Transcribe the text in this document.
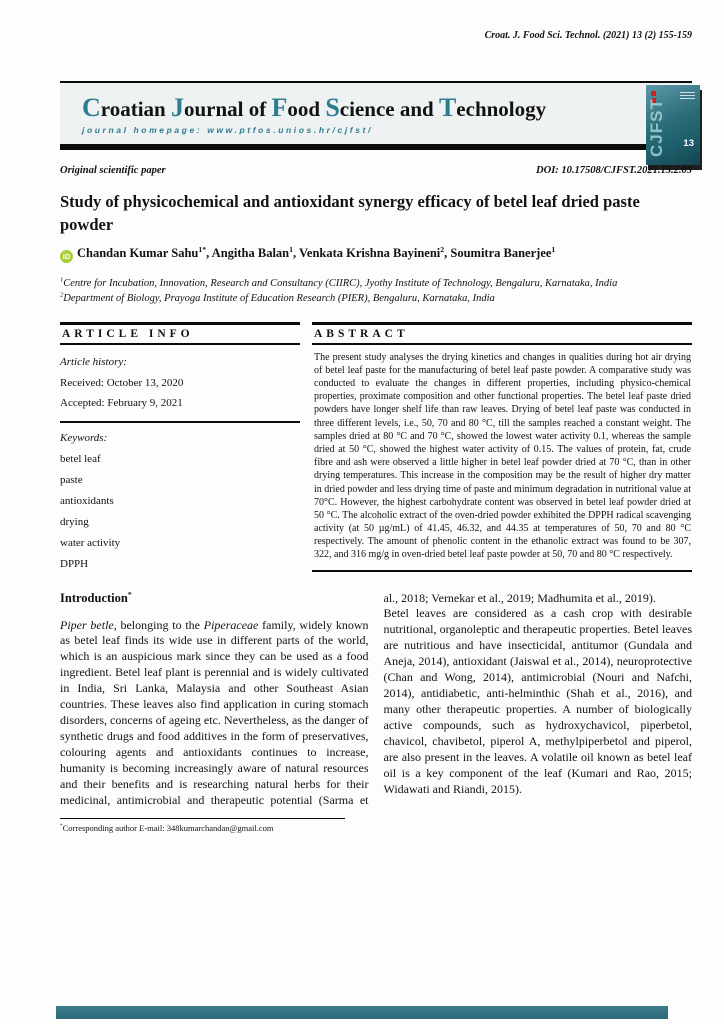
Croat. J. Food Sci. Technol. (2021) 13 (2) 155-159
Croatian Journal of Food Science and Technology
journal homepage: www.ptfos.unios.hr/cjfst/	CJFST 13
Original scientific paper	DOI: 10.17508/CJFST.2021.13.2.03
Study of physicochemical and antioxidant synergy efficacy of betel leaf dried paste powder
iD Chandan Kumar Sahu$^{1*}$, Angitha Balan$^1$, Venkata Krishna Bayineni$^2$, Soumitra Banerjee$^1$
$^1$Centre for Incubation, Innovation, Research and Consultancy (CIIRC), Jyothy Institute of Technology, Bengaluru, Karnataka, India
$^2$Department of Biology, Prayoga Institute of Education Research (PIER), Bengaluru, Karnataka, India
ARTICLE INFO
Article history:
Received: October 13, 2020
Accepted: February 9, 2021
Keywords:
betel leaf
paste
antioxidants
drying
water activity
DPPH
ABSTRACT
The present study analyses the drying kinetics and changes in qualities during hot air drying of betel leaf paste for the manufacturing of betel leaf paste powder. A comparative study was conducted to evaluate the changes in different properties, including physico-chemical properties, proximate composition and other functional properties. The betel leaf paste dried powders have longer shelf life than raw leaves. Drying of betel leaf paste was conducted in three different levels, i.e., 50, 70 and 80 °C, till the samples reached a constant weight. The samples dried at 80 °C and 70 °C, showed the lowest water activity 0.1, whereas the sample dried at 50 °C, showed the highest water activity of 0.15. The values of protein, fat, crude fibre and ash were observed a little higher in betel leaf powder dried at 70 °C, than in other drying temperatures. This increase in the composition may be the result of higher dry matter in dried powder and less drying time of paste and minimum degradation in nutritional value at 70°C. However, the highest carbohydrate content was observed in betel leaf powder dried at 50 °C. The alcoholic extract of the oven-dried powder exhibited the DPPH radical scavenging activity (at 50 µg/mL) of 41.45, 46.32, and 44.35 at temperatures of 50, 70 and 80 °C respectively. The amount of phenolic content in the ethanolic extract was found to be 307, 322, and 316 mg/g in oven-dried betel leaf paste powder at 50, 70 and 80 °C respectively.
Introduction*

Piper betle, belonging to the Piperaceae family, widely known as betel leaf finds its wide use in different parts of the world, which is an auspicious mark since they can be used as a food ingredient. Betel leaf plant is perennial and is widely cultivated in India, Sri Lanka, Malaysia and other Southeast Asian countries. These leaves also find application in curing stomach disorders, concerns of ageing etc. Nevertheless, as the danger of synthetic drugs and food additives in the form of preservatives, colouring agents and antioxidants continues to increase, humanity is becoming increasingly aware of natural resources and their benefits and is researching natural herbs for their medicinal, antimicrobial and therapeutic potential (Sarma et

al., 2018; Vernekar et al., 2019; Madhumita et al., 2019).

Betel leaves are considered as a cash crop with desirable nutritional, organoleptic and therapeutic properties. Betel leaves are nutritious and have insecticidal, antitumor (Gundala and Aneja, 2014), antioxidant (Jaiswal et al., 2014), neuroprotective (Chan and Wong, 2014), antimicrobial (Nouri and Nafchi, 2014), antidiabetic, anti-helminthic (Shah et al., 2016), and many other therapeutic properties. A number of biologically active compounds, such as hydroxychavicol, piperbetol, chavicol, chavibetol, piperol A, methylpiperbetol and piperol, are also present in the leaves. A volatile oil known as betel leaf oil is a key component of the leaf (Kumari and Rao, 2015; Widawati and Riandi, 2015).

*Corresponding author E-mail: 348kumarchandan@gmail.com
